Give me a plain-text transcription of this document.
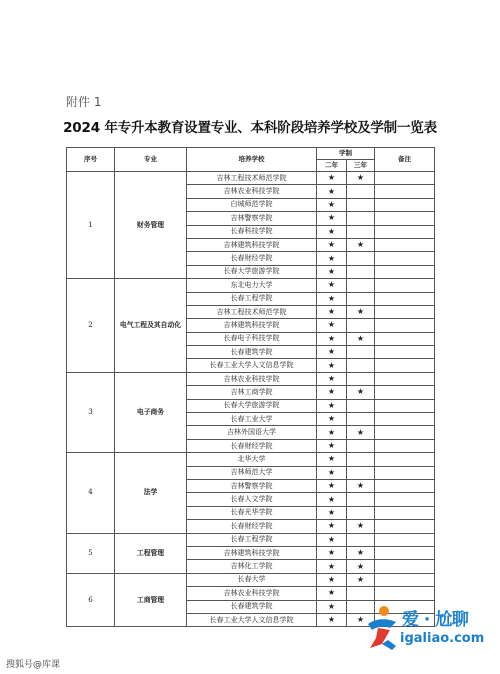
附件 1
2024 年专升本教育设置专业、本科阶段培养学校及学制一览表
序号	专业	培养学校	学制		备注
			二年	三年	
1	财务管理	吉林工程技术师范学院	★	★	
		吉林农业科技学院	★		
		白城师范学院	★		
		吉林警察学院	★		
		长春科技学院	★		
		吉林建筑科技学院	★	★	
		长春财经学院	★		
		长春大学旅游学院	★		
2	电气工程及其自动化	东北电力大学	★		
		长春工程学院	★		
		吉林工程技术师范学院	★	★	
		吉林建筑科技学院	★		
		长春电子科技学院	★	★	
		长春建筑学院	★		
		长春工业大学人文信息学院	★		
3	电子商务	吉林农业科技学院	★		
		吉林工商学院	★	★	
		长春大学旅游学院	★		
		长春工业大学	★		
		吉林外国语大学	★	★	
		长春财经学院	★		
4	法学	北华大学	★		
		吉林师范大学	★		
		吉林警察学院	★	★	
		长春人文学院	★		
		长春光华学院	★		
		长春财经学院	★	★	
5	工程管理	长春工程学院	★		
		吉林建筑科技学院	★	★	
		吉林化工学院	★	★	
6	工商管理	长春大学	★	★	
		吉林农业科技学院	★		
		长春建筑学院	★		
		长春工业大学人文信息学院	★	★	
搜狐号@库课
爱 · 尬聊
igaliao.com
